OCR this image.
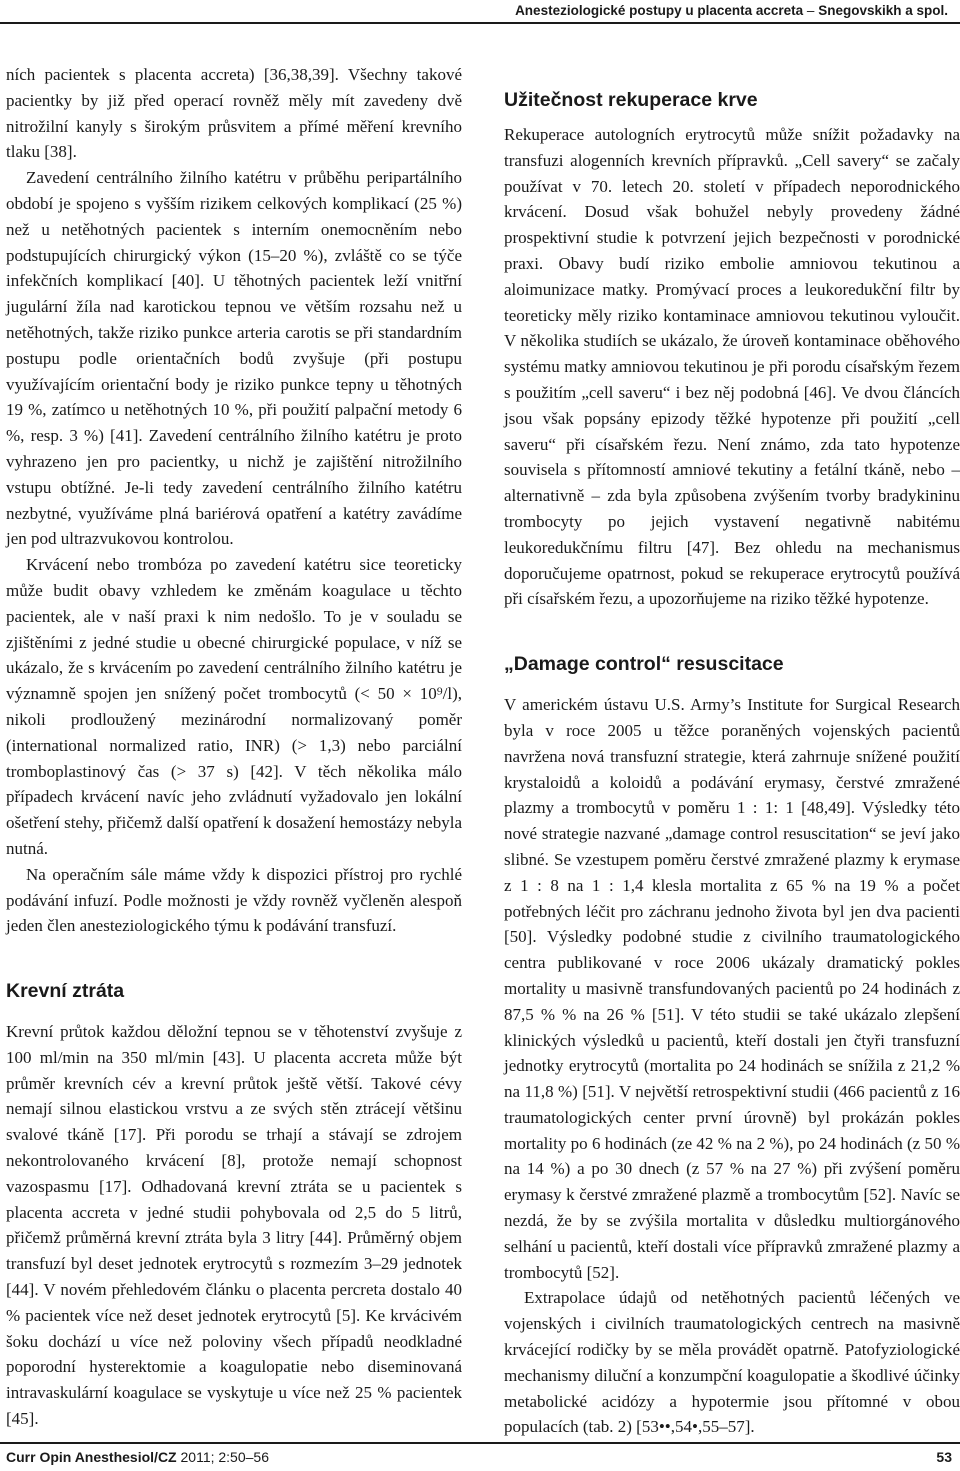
Anesteziologické postupy u placenta accreta – Snegovskikh a spol.

ních pacientek s placenta accreta) [36,38,39]. Všechny takové pacientky by již před operací rovněž měly mít zavedeny dvě nitrožilní kanyly s širokým průsvitem a přímé měření krevního tlaku [38].

Zavedení centrálního žilního katétru v průběhu peripartálního období je spojeno s vyšším rizikem celkových komplikací (25 %) než u netěhotných pacientek s interním onemocněním nebo podstupujících chirurgický výkon (15–20 %), zvláště co se týče infekčních komplikací [40]. U těhotných pacientek leží vnitřní jugulární žíla nad karotickou tepnou ve větším rozsahu než u netěhotných, takže riziko punkce arteria carotis se při standardním postupu podle orientačních bodů zvyšuje (při postupu využívajícím orientační body je riziko punkce tepny u těhotných 19 %, zatímco u netěhotných 10 %, při použití palpační metody 6 %, resp. 3 %) [41]. Zavedení centrálního žilního katétru je proto vyhrazeno jen pro pacientky, u nichž je zajištění nitrožilního vstupu obtížné. Je-li tedy zavedení centrálního žilního katétru nezbytné, využíváme plná bariérová opatření a katétry zavádíme jen pod ultrazvukovou kontrolou.

Krvácení nebo trombóza po zavedení katétru sice teoreticky může budit obavy vzhledem ke změnám koagulace u těchto pacientek, ale v naší praxi k nim nedošlo. To je v souladu se zjištěními z jedné studie u obecné chirurgické populace, v níž se ukázalo, že s krvácením po zavedení centrálního žilního katétru je významně spojen jen snížený počet trombocytů (< 50 × 10⁹/l), nikoli prodloužený mezinárodní normalizovaný poměr (international normalized ratio, INR) (> 1,3) nebo parciální tromboplastinový čas (> 37 s) [42]. V těch několika málo případech krvácení navíc jeho zvládnutí vyžadovalo jen lokální ošetření stehy, přičemž další opatření k dosažení hemostázy nebyla nutná.

Na operačním sále máme vždy k dispozici přístroj pro rychlé podávání infuzí. Podle možnosti je vždy rovněž vyčleněn alespoň jeden člen anesteziologického týmu k podávání transfuzí.

Krevní ztráta

Krevní průtok každou děložní tepnou se v těhotenství zvyšuje z 100 ml/min na 350 ml/min [43]. U placenta accreta může být průměr krevních cév a krevní průtok ještě větší. Takové cévy nemají silnou elastickou vrstvu a ze svých stěn ztrácejí většinu svalové tkáně [17]. Při porodu se trhají a stávají se zdrojem nekontrolovaného krvácení [8], protože nemají schopnost vazospasmu [17]. Odhadovaná krevní ztráta se u pacientek s placenta accreta v jedné studii pohybovala od 2,5 do 5 litrů, přičemž průměrná krevní ztráta byla 3 litry [44]. Průměrný objem transfuzí byl deset jednotek erytrocytů s rozmezím 3–29 jednotek [44]. V novém přehledovém článku o placenta percreta dostalo 40 % pacientek více než deset jednotek erytrocytů [5]. Ke krvácivém šoku dochází u více než poloviny všech případů neodkladné poporodní hysterektomie a koagulopatie nebo diseminovaná intravaskulární koagulace se vyskytuje u více než 25 % pacientek [45].

Užitečnost rekuperace krve

Rekuperace autologních erytrocytů může snížit požadavky na transfuzi alogenních krevních přípravků. „Cell savery“ se začaly používat v 70. letech 20. století v případech neporodnického krvácení. Dosud však bohužel nebyly provedeny žádné prospektivní studie k potvrzení jejich bezpečnosti v porodnické praxi. Obavy budí riziko embolie amniovou tekutinou a aloimunizace matky. Promývací proces a leukoredukční filtr by teoreticky měly riziko kontaminace amniovou tekutinou vyloučit. V několika studiích se ukázalo, že úroveň kontaminace oběhového systému matky amniovou tekutinou je při porodu císařským řezem s použitím „cell saveru“ i bez něj podobná [46]. Ve dvou článcích jsou však popsány epizody těžké hypotenze při použití „cell saveru“ při císařském řezu. Není známo, zda tato hypotenze souvisela s přítomností amniové tekutiny a fetální tkáně, nebo – alternativně – zda byla způsobena zvýšením tvorby bradykininu trombocyty po jejich vystavení negativně nabitému leukoredukčnímu filtru [47]. Bez ohledu na mechanismus doporučujeme opatrnost, pokud se rekuperace erytrocytů používá při císařském řezu, a upozorňujeme na riziko těžké hypotenze.

„Damage control“ resuscitace

V americkém ústavu U.S. Army’s Institute for Surgical Research byla v roce 2005 u těžce poraněných vojenských pacientů navržena nová transfuzní strategie, která zahrnuje snížené použití krystaloidů a koloidů a podávání erymasy, čerstvé zmražené plazmy a trombocytů v poměru 1 : 1: 1 [48,49]. Výsledky této nové strategie nazvané „damage control resuscitation“ se jeví jako slibné. Se vzestupem poměru čerstvé zmražené plazmy k erymase z 1 : 8 na 1 : 1,4 klesla mortalita z 65 % na 19 % a počet potřebných léčit pro záchranu jednoho života byl jen dva pacienti [50]. Výsledky podobné studie z civilního traumatologického centra publikované v roce 2006 ukázaly dramatický pokles mortality u masivně transfundovaných pacientů po 24 hodinách z 87,5 % % na 26 % [51]. V této studii se také ukázalo zlepšení klinických výsledků u pacientů, kteří dostali jen čtyři transfuzní jednotky erytrocytů (mortalita po 24 hodinách se snížila z 21,2 % na 11,8 %) [51]. V největší retrospektivní studii (466 pacientů z 16 traumatologických center první úrovně) byl prokázán pokles mortality po 6 hodinách (ze 42 % na 2 %), po 24 hodinách (z 50 % na 14 %) a po 30 dnech (z 57 % na 27 %) při zvýšení poměru erymasy k čerstvé zmražené plazmě a trombocytům [52]. Navíc se nezdá, že by se zvýšila mortalita v důsledku multiorgánového selhání u pacientů, kteří dostali více přípravků zmražené plazmy a trombocytů [52].

Extrapolace údajů od netěhotných pacientů léčených ve vojenských i civilních traumatologických centrech na masivně krvácející rodičky by se měla provádět opatrně. Patofyziologické mechanismy diluční a konzumpční koagulopatie a škodlivé účinky metabolické acidózy a hypotermie jsou přítomné v obou populacích (tab. 2) [53••,54•,55–57].

Curr Opin Anesthesiol/CZ 2011; 2:50–56	53
